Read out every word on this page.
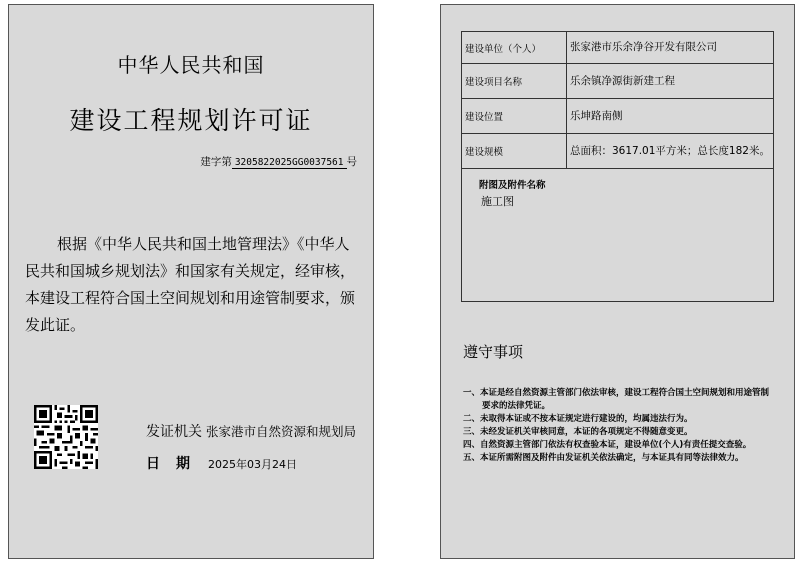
中华人民共和国
建设工程规划许可证
建字第 3205822025GG0037561 号
根据《中华人民共和国土地管理法》《中华人民共和国城乡规划法》和国家有关规定，经审核，本建设工程符合国土空间规划和用途管制要求，颁发此证。
发证机关 张家港市自然资源和规划局
日 期 2025年03月24日
建设单位（个人）	张家港市乐余净谷开发有限公司
建设项目名称	乐余镇净源街新建工程
建设位置	乐坤路南侧
建设规模	总面积：3617.01平方米；总长度182米。

附图及附件名称
施工图
遵守事项
一、本证是经自然资源主管部门依法审核，建设工程符合国土空间规划和用途管制要求的法律凭证。
二、未取得本证或不按本证规定进行建设的，均属违法行为。
三、未经发证机关审核同意，本证的各项规定不得随意变更。
四、自然资源主管部门依法有权查验本证，建设单位(个人)有责任提交查验。
五、本证所需附图及附件由发证机关依法确定，与本证具有同等法律效力。
